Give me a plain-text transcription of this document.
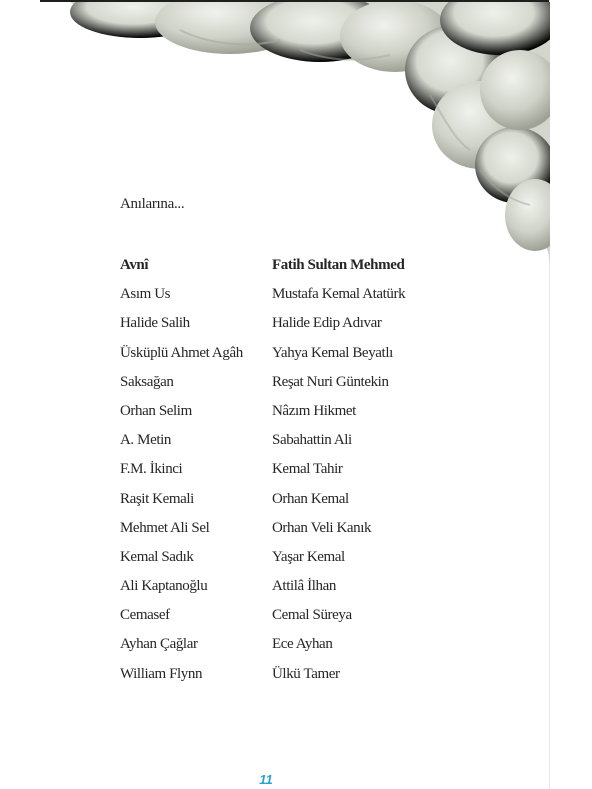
Anılarına...
Avnî
Asım Us
Halide Salih
Üsküplü Ahmet Agâh
Saksağan
Orhan Selim
A. Metin
F.M. İkinci
Raşit Kemali
Mehmet Ali Sel
Kemal Sadık
Ali Kaptanoğlu
Cemasef
Ayhan Çağlar
William Flynn
Fatih Sultan Mehmed
Mustafa Kemal Atatürk
Halide Edip Adıvar
Yahya Kemal Beyatlı
Reşat Nuri Güntekin
Nâzım Hikmet
Sabahattin Ali
Kemal Tahir
Orhan Kemal
Orhan Veli Kanık
Yaşar Kemal
Attilâ İlhan
Cemal Süreya
Ece Ayhan
Ülkü Tamer
11
